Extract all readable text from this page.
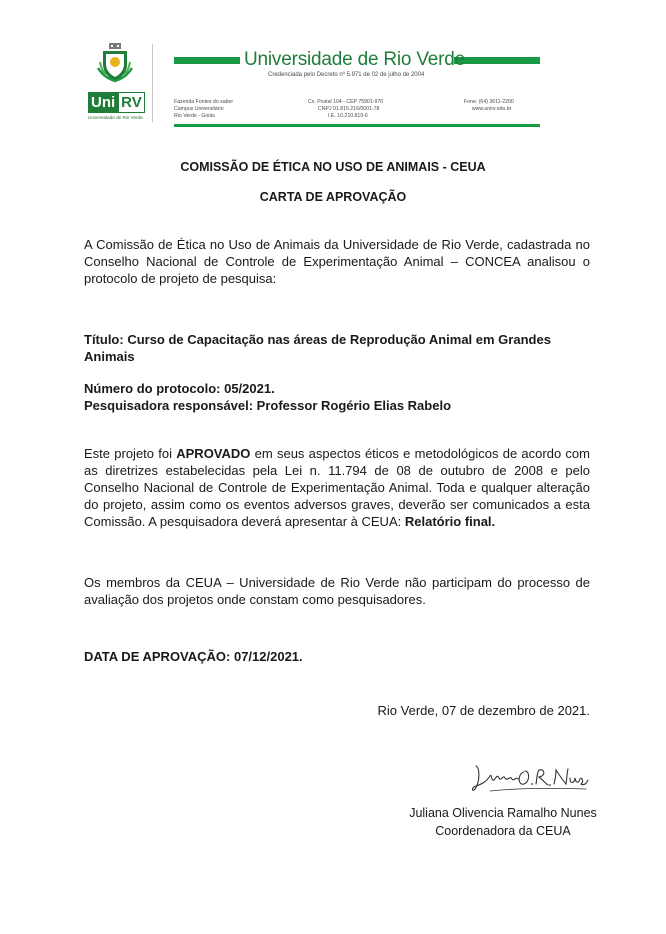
Uni RV
Universidade de Rio Verde
Universidade de Rio Verde
Credenciada pelo Decreto nº 5.971 de 02 de julho de 2004
Fazenda Fontes do saber
Campus Universitário
Rio Verde - Goiás
Cx. Postal 104 - CEP 75901-970
CNPJ 01.815.216/0001-78
I.E. 10.210.819-6
Fone: (64) 3611-2200
www.unirv.edu.br
COMISSÃO DE ÉTICA NO USO DE ANIMAIS - CEUA
CARTA DE APROVAÇÃO
A Comissão de Ética no Uso de Animais da Universidade de Rio Verde, cadastrada no Conselho Nacional de Controle de Experimentação Animal – CONCEA analisou o protocolo de projeto de pesquisa:
Título: Curso de Capacitação nas áreas de Reprodução Animal em Grandes Animais
Número do protocolo: 05/2021.
Pesquisadora responsável: Professor Rogério Elias Rabelo
Este projeto foi APROVADO em seus aspectos éticos e metodológicos de acordo com as diretrizes estabelecidas pela Lei n. 11.794 de 08 de outubro de 2008 e pelo Conselho Nacional de Controle de Experimentação Animal. Toda e qualquer alteração do projeto, assim como os eventos adversos graves, deverão ser comunicados a esta Comissão. A pesquisadora deverá apresentar à CEUA: Relatório final.
Os membros da CEUA – Universidade de Rio Verde não participam do processo de avaliação dos projetos onde constam como pesquisadores.
DATA DE APROVAÇÃO: 07/12/2021.
Rio Verde, 07 de dezembro de 2021.
Juliana Olivencia Ramalho Nunes
Coordenadora da CEUA
